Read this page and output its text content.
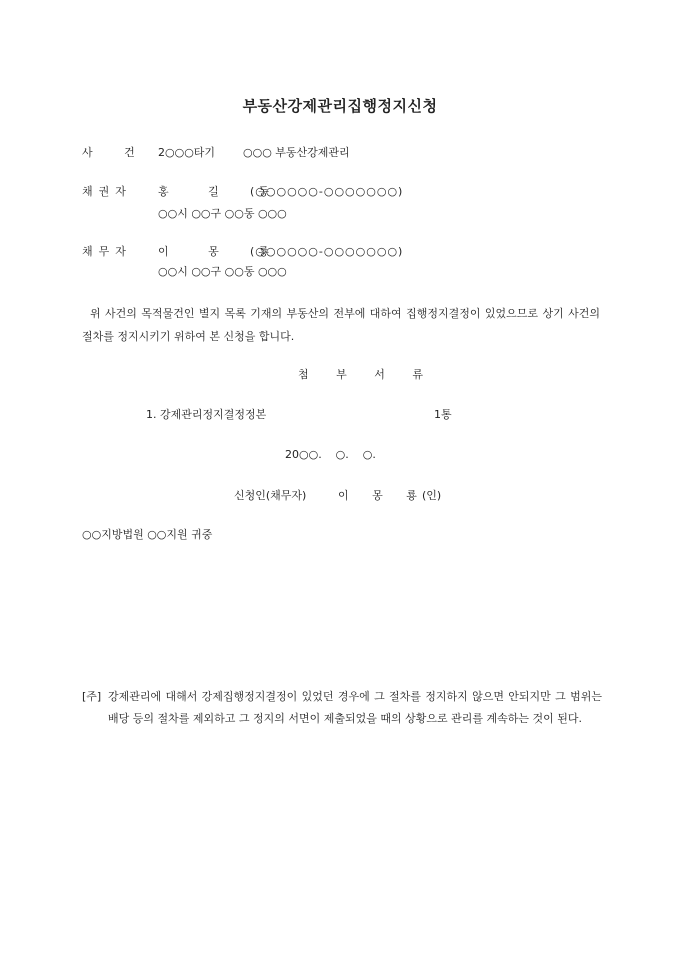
부동산강제관리집행정지신청
사 건 2○○○타기	○○○ 부동산강제관리
채권자 홍 길 동
(○○○○○○-○○○○○○○)
○○시 ○○구 ○○동 ○○○
채무자 이 몽 룡
(○○○○○○-○○○○○○○)
○○시 ○○구 ○○동 ○○○
위 사건의 목적물건인 별지 목록 기재의 부동산의 전부에 대하여 집행정지결정이 있었으므로 상기 사건의 절차를 정지시키기 위하여 본 신청을 합니다.
첨 부 서 류
1. 강제관리정지결정정본	1통
20○○.    ○.    ○.
신청인(채무자)	이 몽 룡
(인)
○○지방법원 ○○지원 귀중
[주] 강제관리에 대해서 강제집행정지결정이 있었던 경우에 그 절차를 정지하지 않으면 안되지만 그 범위는 배당 등의 절차를 제외하고 그 정지의 서면이 제출되었을 때의 상황으로 관리를 계속하는 것이 된다.
